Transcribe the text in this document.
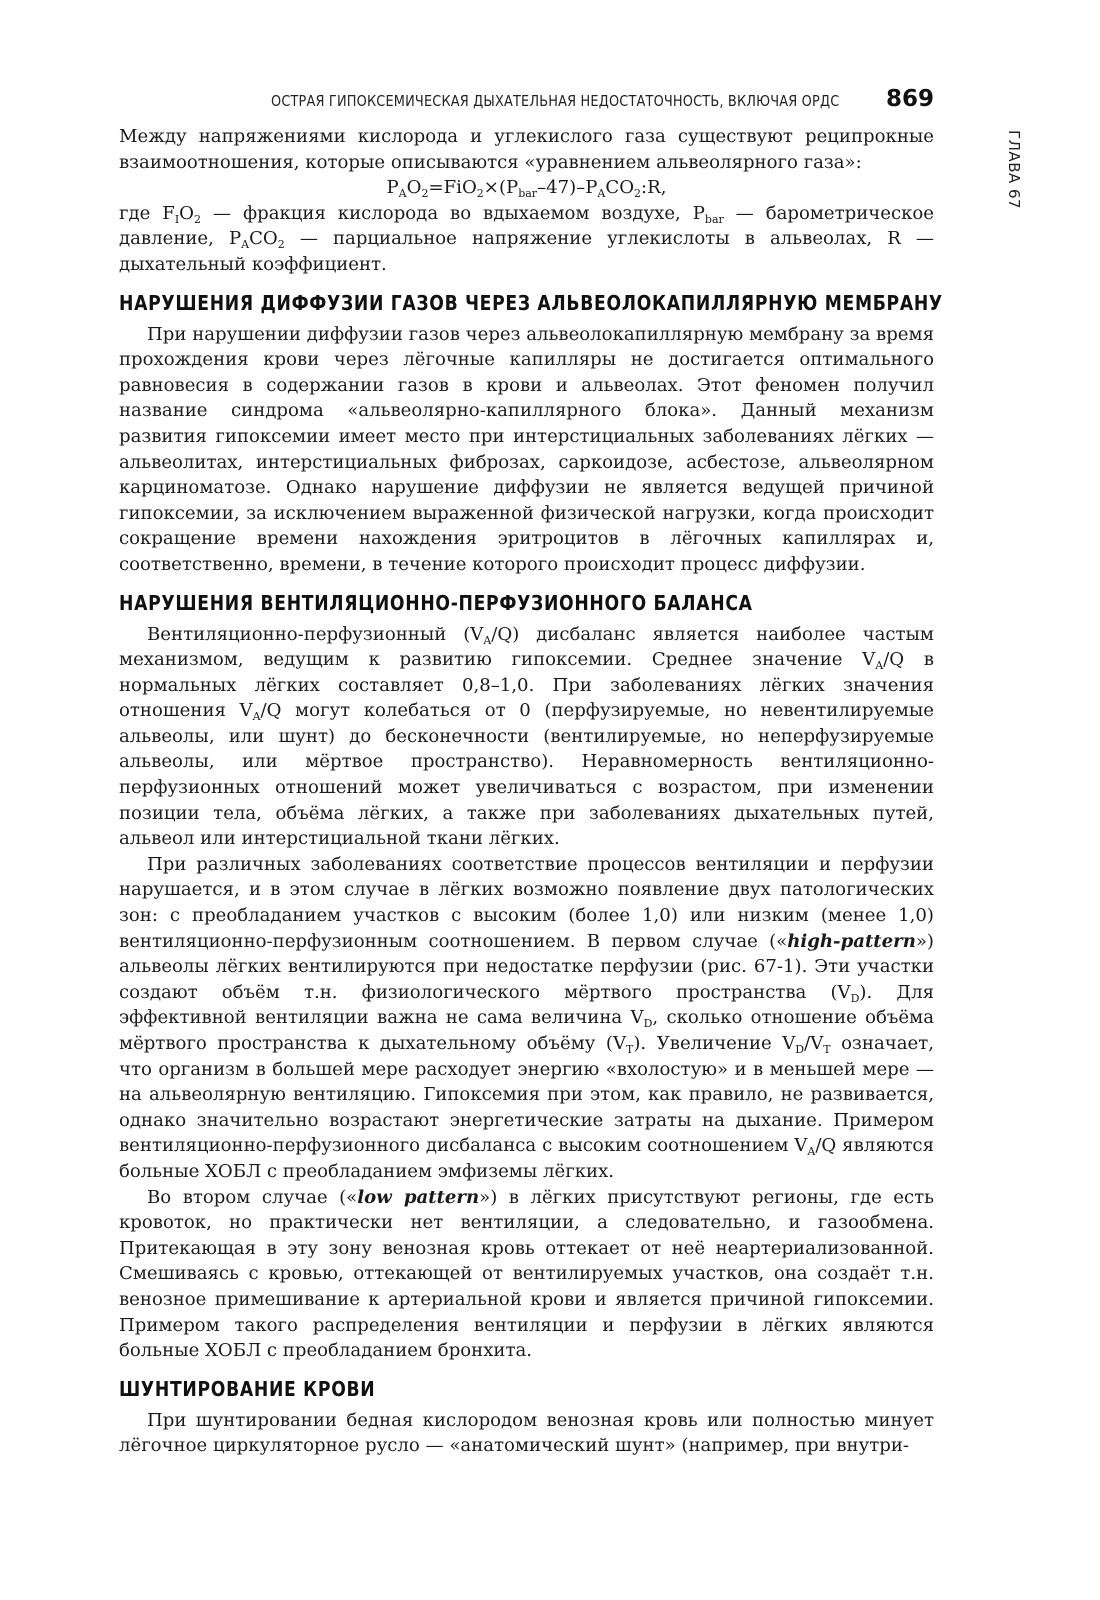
ОСТРАЯ ГИПОКСЕМИЧЕСКАЯ ДЫХАТЕЛЬНАЯ НЕДОСТАТОЧНОСТЬ, ВКЛЮЧАЯ ОРДС 869
ГЛАВА 67

Между напряжениями кислорода и углекислого газа существуют реципрокные взаимоотношения, которые описываются «уравнением альвеолярного газа»:

$P_AO_2=FiO_2\times(P_{bar}-47)-P_ACO_2:R$,

где $F_IO_2$ — фракция кислорода во вдыхаемом воздухе, $P_{bar}$ — барометрическое давление, $P_ACO_2$ — парциальное напряжение углекислоты в альвеолах, R — дыхательный коэффициент.

НАРУШЕНИЯ ДИФФУЗИИ ГАЗОВ ЧЕРЕЗ АЛЬВЕОЛОКАПИЛЛЯРНУЮ МЕМБРАНУ

При нарушении диффузии газов через альвеолокапиллярную мембрану за время прохождения крови через лёгочные капилляры не достигается оптимального равновесия в содержании газов в крови и альвеолах. Этот феномен получил название синдрома «альвеолярно-капиллярного блока». Данный механизм развития гипоксемии имеет место при интерстициальных заболеваниях лёгких — альвеолитах, интерстициальных фиброзах, саркоидозе, асбестозе, альвеолярном карциноматозе. Однако нарушение диффузии не является ведущей причиной гипоксемии, за исключением выраженной физической нагрузки, когда происходит сокращение времени нахождения эритроцитов в лёгочных капиллярах и, соответственно, времени, в течение которого происходит процесс диффузии.

НАРУШЕНИЯ ВЕНТИЛЯЦИОННО-ПЕРФУЗИОННОГО БАЛАНСА

Вентиляционно-перфузионный $(V_A/Q)$ дисбаланс является наиболее частым механизмом, ведущим к развитию гипоксемии. Среднее значение $V_A/Q$ в нормальных лёгких составляет 0,8–1,0. При заболеваниях лёгких значения отношения $V_A/Q$ могут колебаться от 0 (перфузируемые, но невентилируемые альвеолы, или шунт) до бесконечности (вентилируемые, но неперфузируемые альвеолы, или мёртвое пространство). Неравномерность вентиляционно-перфузионных отношений может увеличиваться с возрастом, при изменении позиции тела, объёма лёгких, а также при заболеваниях дыхательных путей, альвеол или интерстициальной ткани лёгких.

При различных заболеваниях соответствие процессов вентиляции и перфузии нарушается, и в этом случае в лёгких возможно появление двух патологических зон: с преобладанием участков с высоким (более 1,0) или низким (менее 1,0) вентиляционно-перфузионным соотношением. В первом случае («high-pattern») альвеолы лёгких вентилируются при недостатке перфузии (рис. 67-1). Эти участки создают объём т.н. физиологического мёртвого пространства $(V_D)$. Для эффективной вентиляции важна не сама величина $V_D$, сколько отношение объёма мёртвого пространства к дыхательному объёму $(V_T)$. Увеличение $V_D/V_T$ означает, что организм в большей мере расходует энергию «вхолостую» и в меньшей мере — на альвеолярную вентиляцию. Гипоксемия при этом, как правило, не развивается, однако значительно возрастают энергетические затраты на дыхание. Примером вентиляционно-перфузионного дисбаланса с высоким соотношением $V_A/Q$ являются больные ХОБЛ с преобладанием эмфиземы лёгких.

Во втором случае («low pattern») в лёгких присутствуют регионы, где есть кровоток, но практически нет вентиляции, а следовательно, и газообмена. Притекающая в эту зону венозная кровь оттекает от неё неартериализованной. Смешиваясь с кровью, оттекающей от вентилируемых участков, она создаёт т.н. венозное примешивание к артериальной крови и является причиной гипоксемии. Примером такого распределения вентиляции и перфузии в лёгких являются больные ХОБЛ с преобладанием бронхита.

ШУНТИРОВАНИЕ КРОВИ

При шунтировании бедная кислородом венозная кровь или полностью минует лёгочное циркуляторное русло — «анатомический шунт» (например, при внутри-
